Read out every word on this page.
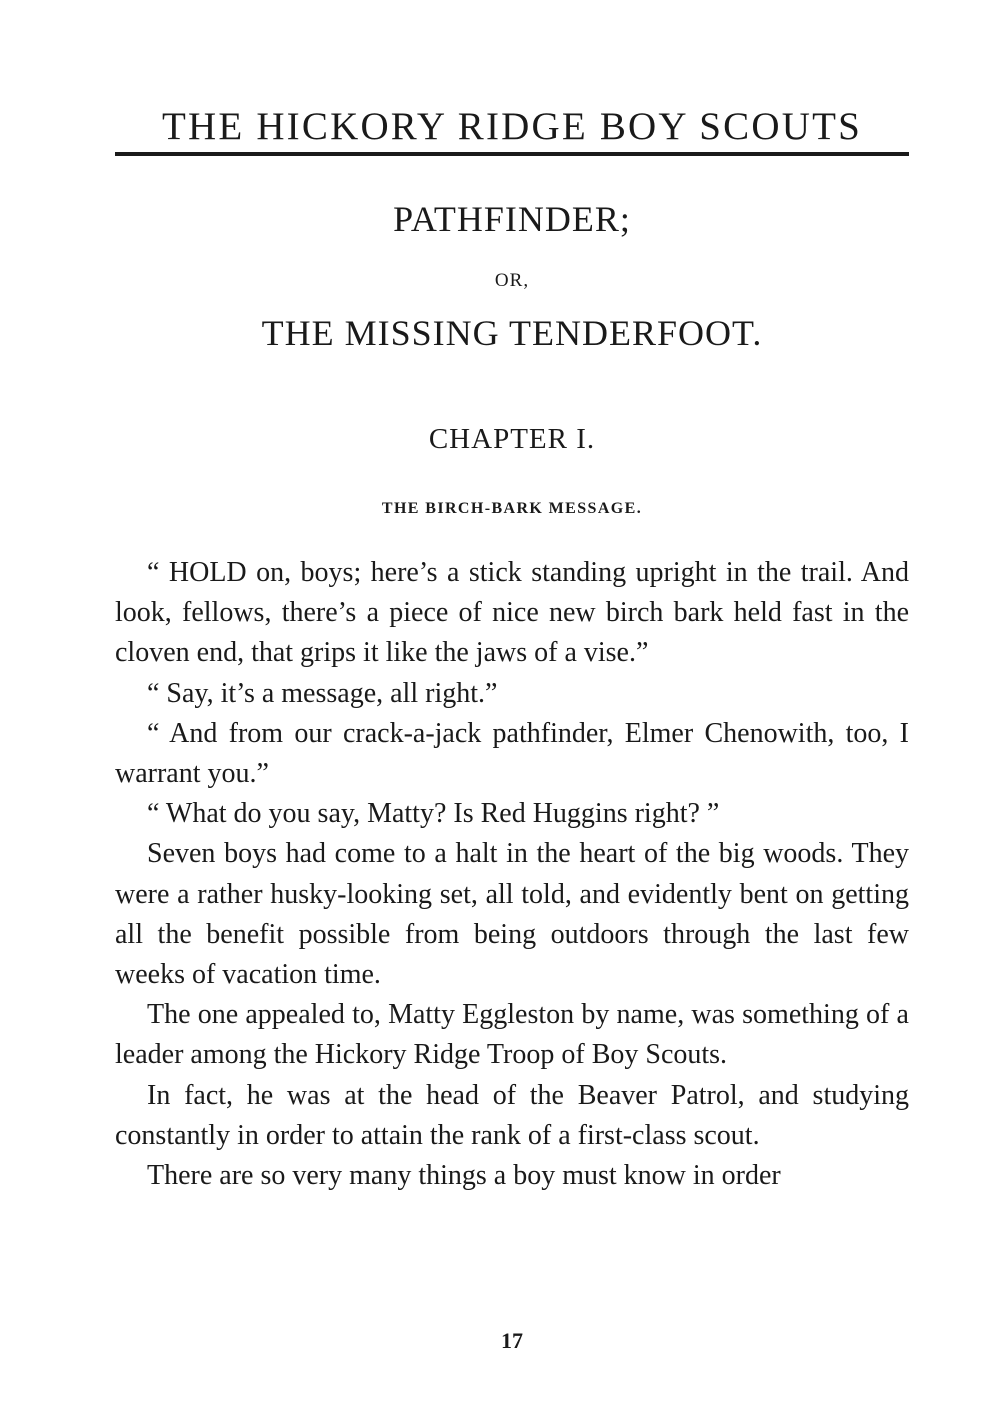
THE HICKORY RIDGE BOY SCOUTS
PATHFINDER;
OR,
THE MISSING TENDERFOOT.
CHAPTER I.
THE BIRCH-BARK MESSAGE.

“ HOLD on, boys; here’s a stick standing upright in the trail. And look, fellows, there’s a piece of nice new birch bark held fast in the cloven end, that grips it like the jaws of a vise.”

“ Say, it’s a message, all right.”

“ And from our crack-a-jack pathfinder, Elmer Chenowith, too, I warrant you.”

“ What do you say, Matty? Is Red Huggins right? ”

Seven boys had come to a halt in the heart of the big woods. They were a rather husky-looking set, all told, and evidently bent on getting all the benefit possible from being outdoors through the last few weeks of vacation time.

The one appealed to, Matty Eggleston by name, was something of a leader among the Hickory Ridge Troop of Boy Scouts.

In fact, he was at the head of the Beaver Patrol, and studying constantly in order to attain the rank of a first-class scout.

There are so very many things a boy must know in order

17
